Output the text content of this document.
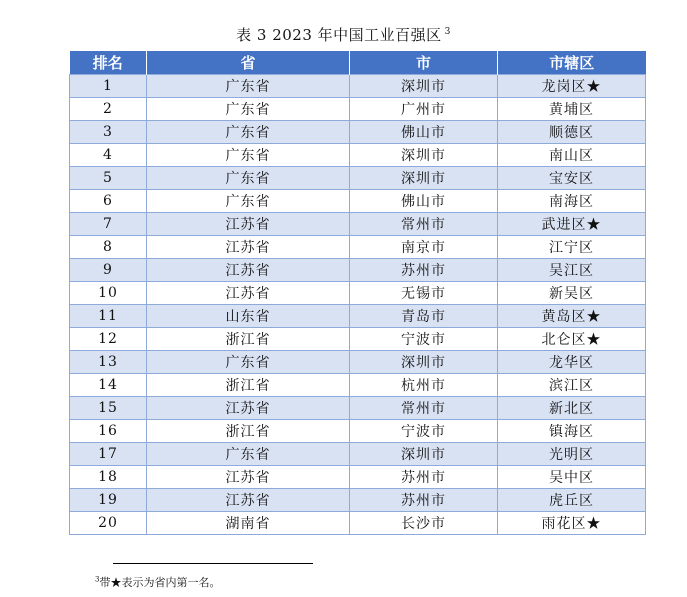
表 3 2023 年中国工业百强区 $^3$
排名	省	市	市辖区
1	广东省	深圳市	龙岗区★
2	广东省	广州市	黄埔区
3	广东省	佛山市	顺德区
4	广东省	深圳市	南山区
5	广东省	深圳市	宝安区
6	广东省	佛山市	南海区
7	江苏省	常州市	武进区★
8	江苏省	南京市	江宁区
9	江苏省	苏州市	吴江区
10	江苏省	无锡市	新吴区
11	山东省	青岛市	黄岛区★
12	浙江省	宁波市	北仑区★
13	广东省	深圳市	龙华区
14	浙江省	杭州市	滨江区
15	江苏省	常州市	新北区
16	浙江省	宁波市	镇海区
17	广东省	深圳市	光明区
18	江苏省	苏州市	吴中区
19	江苏省	苏州市	虎丘区
20	湖南省	长沙市	雨花区★
$^3$带★表示为省内第一名。
